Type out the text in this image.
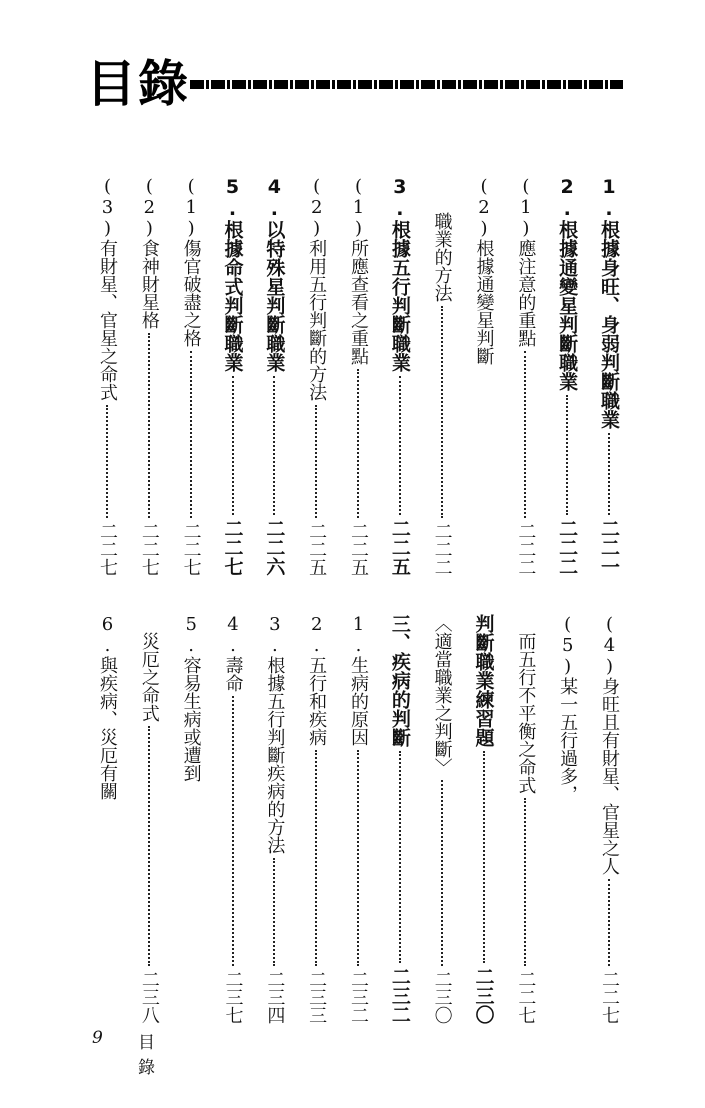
目錄
1.根據身旺、身弱判斷職業
二二一
2.根據通變星判斷職業
二二二
(1)應注意的重點
二二二
(2)根據通變星判斷
　　職業的方法
二二二
3.根據五行判斷職業
二二五
(1)所應查看之重點
二二五
(2)利用五行判斷的方法
二二五
4.以特殊星判斷職業
二二六
5.根據命式判斷職業
二二七
(1)傷官破盡之格
二二七
(2)食神財星格
二二七
(3)有財星、官星之命式
二二七
(4)身旺且有財星、官星之人
二二七
(5)某一五行過多，
　而五行不平衡之命式
二二七
判斷職業練習題
二三〇
〈適當職業之判斷〉
二三〇
三、疾病的判斷
二三二
1.生病的原因
二三二
2.五行和疾病
二三三
3.根據五行判斷疾病的方法
二三四
4.壽命
二三七
5.容易生病或遭到
　災厄之命式
二三八
6.與疾病、災厄有關
9 目錄
